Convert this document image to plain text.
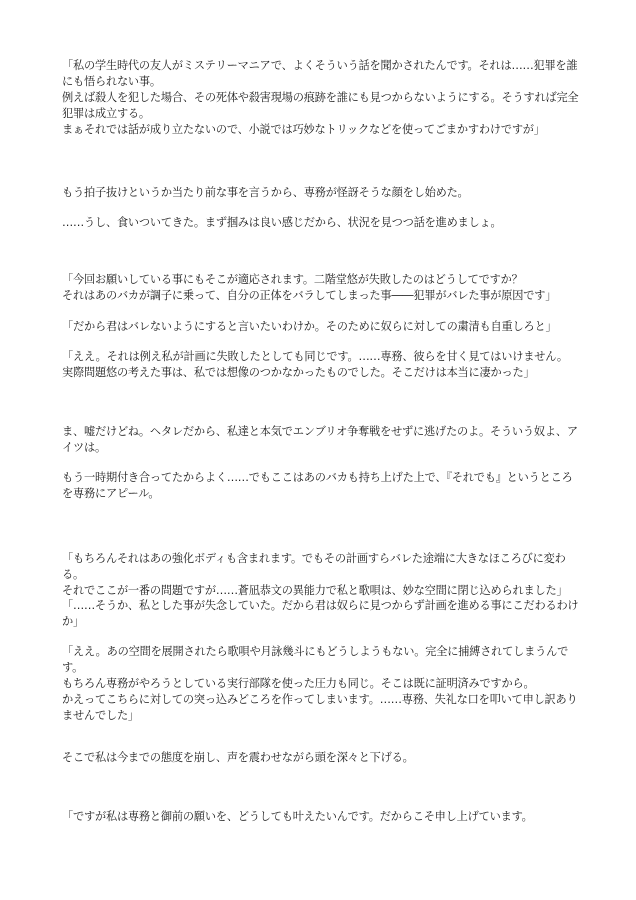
「私の学生時代の友人がミステリーマニアで、よくそういう話を聞かされたんです。それは……犯罪を誰にも悟られない事。
例えば殺人を犯した場合、その死体や殺害現場の痕跡を誰にも見つからないようにする。そうすれば完全犯罪は成立する。
まぁそれでは話が成り立たないので、小説では巧妙なトリックなどを使ってごまかすわけですが」

もう拍子抜けというか当たり前な事を言うから、専務が怪訝そうな顔をし始めた。

……うし、食いついてきた。まず掴みは良い感じだから、状況を見つつ話を進めましょ。

「今回お願いしている事にもそこが適応されます。二階堂悠が失敗したのはどうしてですか？
それはあのバカが調子に乗って、自分の正体をバラしてしまった事――犯罪がバレた事が原因です」

「だから君はバレないようにすると言いたいわけか。そのために奴らに対しての粛清も自重しろと」

「ええ。それは例え私が計画に失敗したとしても同じです。……専務、彼らを甘く見てはいけません。
実際問題悠の考えた事は、私では想像のつかなかったものでした。そこだけは本当に凄かった」

ま、嘘だけどね。ヘタレだから、私達と本気でエンブリオ争奪戦をせずに逃げたのよ。そういう奴よ、アイツは。

もう一時期付き合ってたからよく……でもここはあのバカも持ち上げた上で、『それでも』というところを専務にアピール。

「もちろんそれはあの強化ボディも含まれます。でもその計画すらバレた途端に大きなほころびに変わる。
それでここが一番の問題ですが……蒼凪恭文の異能力で私と歌唄は、妙な空間に閉じ込められました」

「……そうか、私とした事が失念していた。だから君は奴らに見つからず計画を進める事にこだわるわけか」

「ええ。あの空間を展開されたら歌唄や月詠幾斗にもどうしようもない。完全に捕縛されてしまうんです。
もちろん専務がやろうとしている実行部隊を使った圧力も同じ。そこは既に証明済みですから。
かえってこちらに対しての突っ込みどころを作ってしまいます。……専務、失礼な口を叩いて申し訳ありませんでした」

そこで私は今までの態度を崩し、声を震わせながら頭を深々と下げる。

「ですが私は専務と御前の願いを、どうしても叶えたいんです。だからこそ申し上げています。
